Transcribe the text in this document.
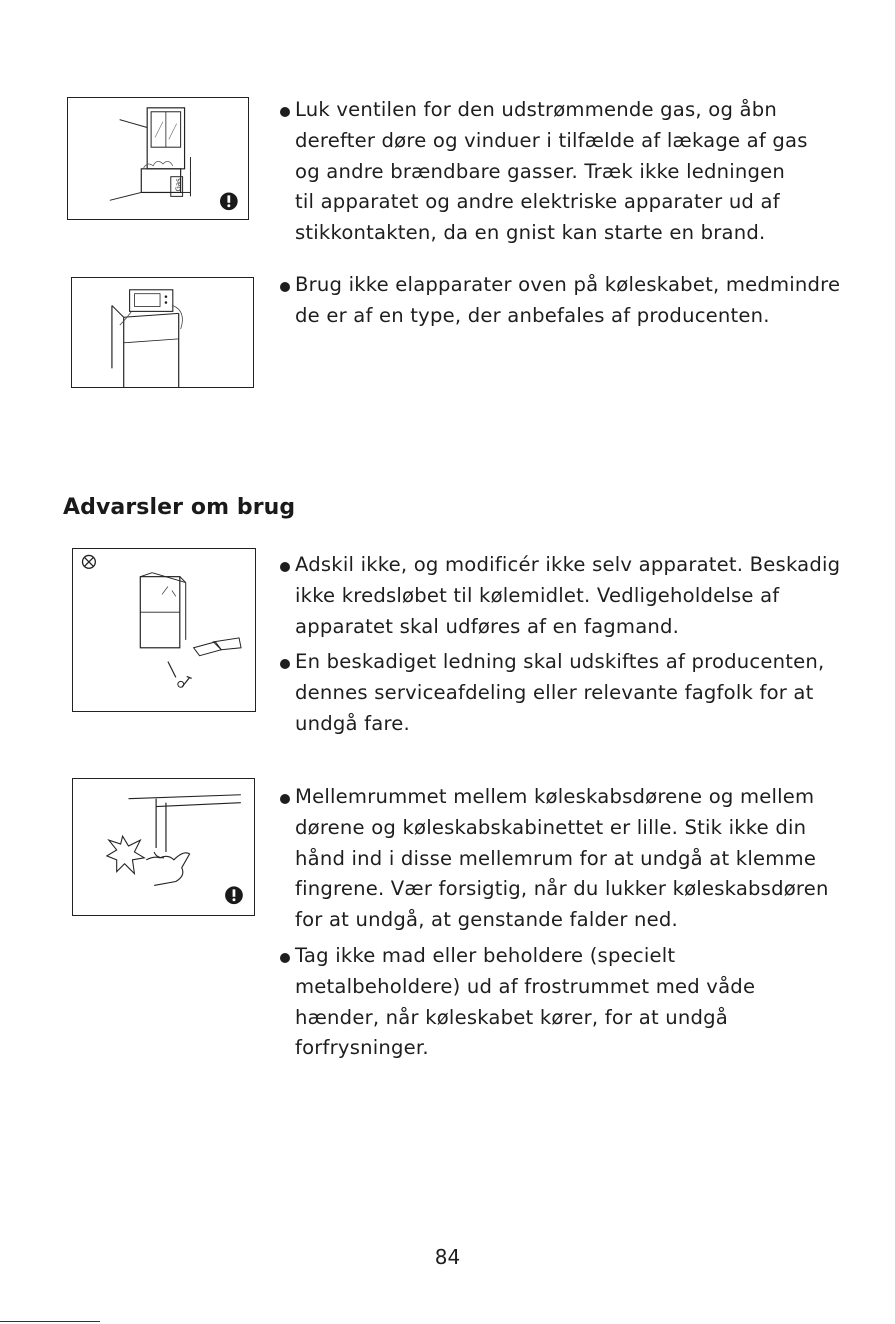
Gas
Luk ventilen for den udstrømmende gas, og åbn
derefter døre og vinduer i tilfælde af lækage af gas
og andre brændbare gasser. Træk ikke ledningen
til apparatet og andre elektriske apparater ud af
stikkontakten, da en gnist kan starte en brand.
Brug ikke elapparater oven på køleskabet, medmindre
de er af en type, der anbefales af producenten.
Advarsler om brug
Adskil ikke, og modificér ikke selv apparatet. Beskadig
ikke kredsløbet til kølemidlet. Vedligeholdelse af
apparatet skal udføres af en fagmand.
En beskadiget ledning skal udskiftes af producenten,
dennes serviceafdeling eller relevante fagfolk for at
undgå fare.
Mellemrummet mellem køleskabsdørene og mellem
dørene og køleskabskabinettet er lille. Stik ikke din
hånd ind i disse mellemrum for at undgå at klemme
fingrene. Vær forsigtig, når du lukker køleskabsdøren
for at undgå, at genstande falder ned.
Tag ikke mad eller beholdere (specielt
metalbeholdere) ud af frostrummet med våde
hænder, når køleskabet kører, for at undgå
forfrysninger.
84
